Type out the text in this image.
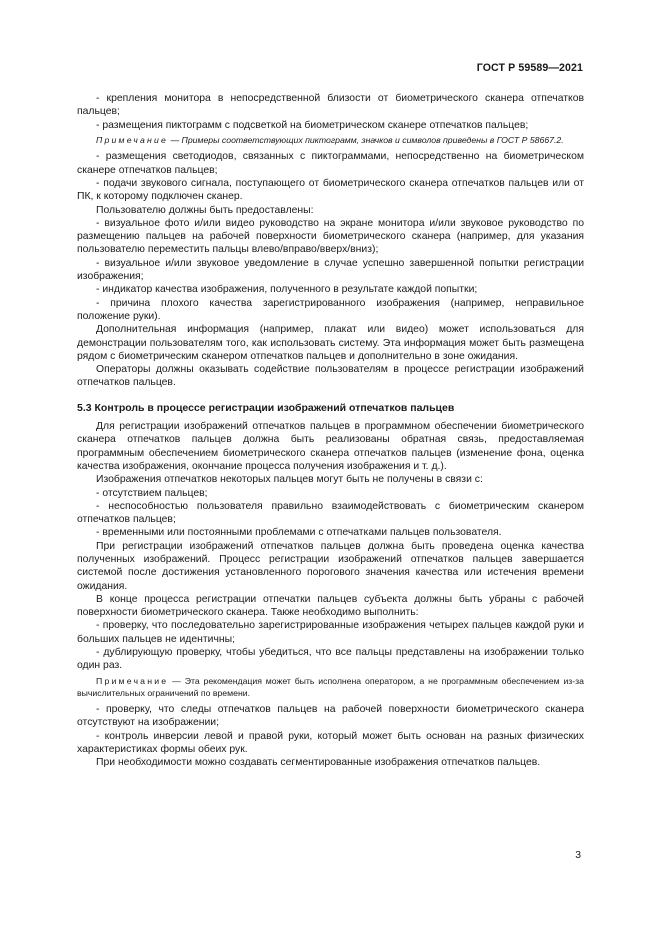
ГОСТ Р 59589—2021

- крепления монитора в непосредственной близости от биометрического сканера отпечатков пальцев;

- размещения пиктограмм с подсветкой на биометрическом сканере отпечатков пальцев;

Примечание — Примеры соответствующих пиктограмм, значков и символов приведены в ГОСТ Р 58667.2.

- размещения светодиодов, связанных с пиктограммами, непосредственно на биометрическом сканере отпечатков пальцев;

- подачи звукового сигнала, поступающего от биометрического сканера отпечатков пальцев или от ПК, к которому подключен сканер.

Пользователю должны быть предоставлены:

- визуальное фото и/или видео руководство на экране монитора и/или звуковое руководство по размещению пальцев на рабочей поверхности биометрического сканера (например, для указания пользователю переместить пальцы влево/вправо/вверх/вниз);

- визуальное и/или звуковое уведомление в случае успешно завершенной попытки регистрации изображения;

- индикатор качества изображения, полученного в результате каждой попытки;

- причина плохого качества зарегистрированного изображения (например, неправильное положение руки).

Дополнительная информация (например, плакат или видео) может использоваться для демонстрации пользователям того, как использовать систему. Эта информация может быть размещена рядом с биометрическим сканером отпечатков пальцев и дополнительно в зоне ожидания.

Операторы должны оказывать содействие пользователям в процессе регистрации изображений отпечатков пальцев.

5.3 Контроль в процессе регистрации изображений отпечатков пальцев

Для регистрации изображений отпечатков пальцев в программном обеспечении биометрического сканера отпечатков пальцев должна быть реализованы обратная связь, предоставляемая программным обеспечением биометрического сканера отпечатков пальцев (изменение фона, оценка качества изображения, окончание процесса получения изображения и т. д.).

Изображения отпечатков некоторых пальцев могут быть не получены в связи с:

- отсутствием пальцев;

- неспособностью пользователя правильно взаимодействовать с биометрическим сканером отпечатков пальцев;

- временными или постоянными проблемами с отпечатками пальцев пользователя.

При регистрации изображений отпечатков пальцев должна быть проведена оценка качества полученных изображений. Процесс регистрации изображений отпечатков пальцев завершается системой после достижения установленного порогового значения качества или истечения времени ожидания.

В конце процесса регистрации отпечатки пальцев субъекта должны быть убраны с рабочей поверхности биометрического сканера. Также необходимо выполнить:

- проверку, что последовательно зарегистрированные изображения четырех пальцев каждой руки и больших пальцев не идентичны;

- дублирующую проверку, чтобы убедиться, что все пальцы представлены на изображении только один раз.

Примечание — Эта рекомендация может быть исполнена оператором, а не программным обеспечением из-за вычислительных ограничений по времени.

- проверку, что следы отпечатков пальцев на рабочей поверхности биометрического сканера отсутствуют на изображении;

- контроль инверсии левой и правой руки, который может быть основан на разных физических характеристиках формы обеих рук.

При необходимости можно создавать сегментированные изображения отпечатков пальцев.

3
